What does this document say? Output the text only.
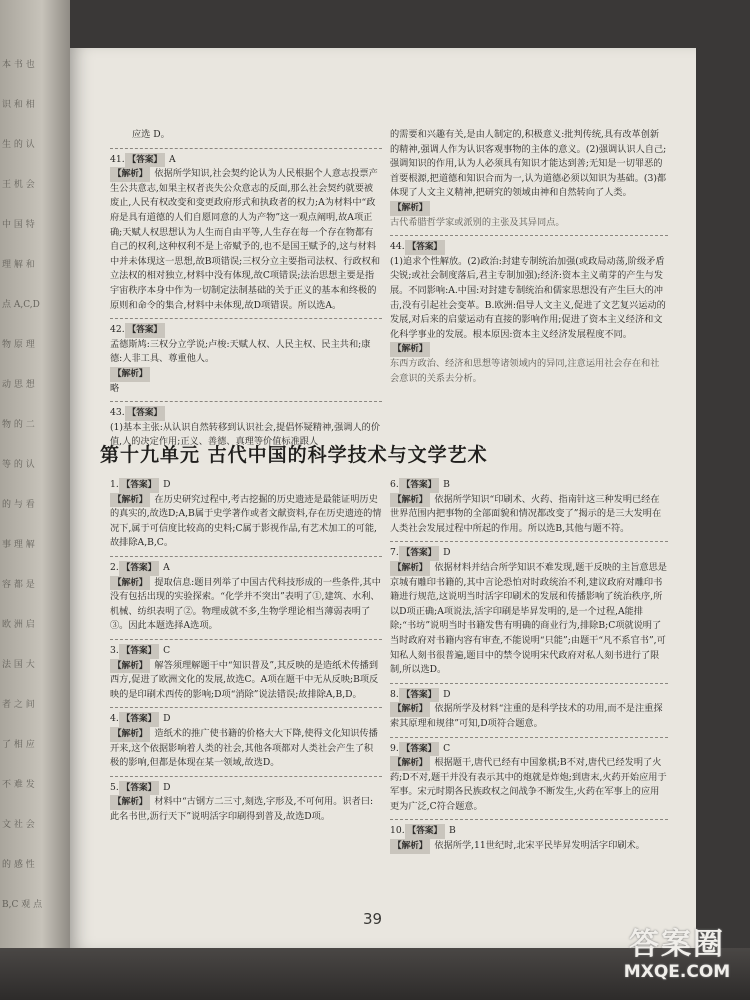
本 书 也
识 和 相
生 的 认
王 机 会
中 国 特
理 解 和
点 A,C,D
物 原 理
动 思 想
物 的 二
等 的 认
的 与 看
事 理 解
容 都 是
欧 洲 启
法 国 大
者 之 间
了 相 应
不 难 发
文 社 会
的 感 性
B,C 观 点

应选 D。

41. 【答案】 A

【解析】 依据所学知识,社会契约论认为人民根据个人意志投票产生公共意志,如果主权者丧失公众意志的反面,那么社会契约就要被废止,人民有权改变和变更政府形式和执政者的权力;A为材料中“政府是具有道德的人们自愿同意的人为产物”这一观点阐明,故A项正确;天赋人权思想认为人生而自由平等,人生存在每一个存在物都有自己的权利,这种权利不是上帝赋予的,也不是国王赋予的,这与材料中并未体现这一思想,故B项错误;三权分立主要指司法权、行政权和立法权的相对独立,材料中没有体现,故C项错误;法治思想主要是指宇宙秩序本身中作为一切制定法制基础的关于正义的基本和终极的原则和命令的集合,材料中未体现,故D项错误。所以选A。

42. 【答案】

孟德斯鸠:三权分立学说;卢梭:天赋人权、人民主权、民主共和;康德:人非工具、尊重他人。

【解析】

略

43. 【答案】

(1)基本主张:从认识自然转移到认识社会,提倡怀疑精神,强调人的价值,人的决定作用;正义、善德、真理等价值标准跟人

的需要和兴趣有关,是由人制定的,积极意义:批判传统,具有改革创新的精神,强调人作为认识客观事物的主体的意义。(2)强调认识人自己;强调知识的作用,认为人必须具有知识才能达到善;无知是一切罪恶的首要根源,把道德和知识合而为一,认为道德必须以知识为基础。(3)都体现了人文主义精神,把研究的领域由神和自然转向了人类。

【解析】

古代希腊哲学家或派别的主张及其异同点。

44. 【答案】

(1)追求个性解放。(2)政治:封建专制统治加强(或政局动荡,阶级矛盾尖锐;或社会制度落后,君主专制加强);经济:资本主义萌芽的产生与发展。不同影响:A.中国:对封建专制统治和儒家思想没有产生巨大的冲击,没有引起社会变革。B.欧洲:倡导人文主义,促进了文艺复兴运动的发展,对后来的启蒙运动有直接的影响作用;促进了资本主义经济和文化科学事业的发展。根本原因:资本主义经济发展程度不同。

【解析】

东西方政治、经济和思想等诸领域内的异同,注意运用社会存在和社会意识的关系去分析。

第十九单元 古代中国的科学技术与文学艺术

1. 【答案】 D

【解析】 在历史研究过程中,考古挖掘的历史遗迹是最能证明历史的真实的,故选D;A,B属于史学著作或者文献资料,存在历史遗迹的情况下,属于可信度比较高的史料;C属于影视作品,有艺术加工的可能,故排除A,B,C。

2. 【答案】 A

【解析】 提取信息:题目列举了中国古代科技形成的一些条件,其中没有包括出现的实验探索。“化学并不突出”表明了①,建筑、水利、机械、纺织表明了②。物理成就不多,生物学理论相当薄弱表明了③。因此本题选择A选项。

3. 【答案】 C

【解析】 解答须理解题干中“知识普及”,其反映的是造纸术传播到西方,促进了欧洲文化的发展,故选C。A项在题干中无从反映;B项反映的是印刷术西传的影响;D项“消除”说法错误;故排除A,B,D。

4. 【答案】 D

【解析】 造纸术的推广使书籍的价格大大下降,使得文化知识传播开来,这个依据影响着人类的社会,其他各项都对人类社会产生了积极的影响,但都是体现在某一领域,故选D。

5. 【答案】 D

【解析】 材料中“古钢方二三寸,刻选,字形及,不可何用。识者曰:此名书世,沥行天下”说明活字印刷得到普及,故选D项。

6. 【答案】 B

【解析】 依据所学知识“印刷术、火药、指南针这三种发明已经在世界范围内把事物的全部面貌和情况都改变了”揭示的是三大发明在人类社会发展过程中所起的作用。所以选B,其他与题不符。

7. 【答案】 D

【解析】 依据材料并结合所学知识不难发现,题干反映的主旨意思是京城有雕印书籍的,其中言论恐怕对时政统治不利,建议政府对雕印书籍进行规范,这说明当时活字印刷术的发展和传播影响了统治秩序,所以D项正确;A项说法,活字印刷是毕昇发明的,是一个过程,A能排除;“书坊”说明当时书籍发售有明确的商业行为,排除B;C项就说明了当时政府对书籍内容有审查,不能说明“只能”;由题干“凡不系官书”,可知私人刻书很普遍,题目中的禁令说明宋代政府对私人刻书进行了限制,所以选D。

8. 【答案】 D

【解析】 依据所学及材料“注重的是科学技术的功用,而不是注重探索其原理和规律”可知,D项符合题意。

9. 【答案】 C

【解析】 根据题干,唐代已经有中国象棋;B不对,唐代已经发明了火药;D不对,题干并没有表示其中的炮就是炸炮;到唐末,火药开始应用于军事。宋元时期各民族政权之间战争不断发生,火药在军事上的应用更为广泛,C符合题意。

10. 【答案】 B

【解析】 依据所学,11世纪时,北宋平民毕昇发明活字印刷术。

39
答案圈
MXQE.COM
